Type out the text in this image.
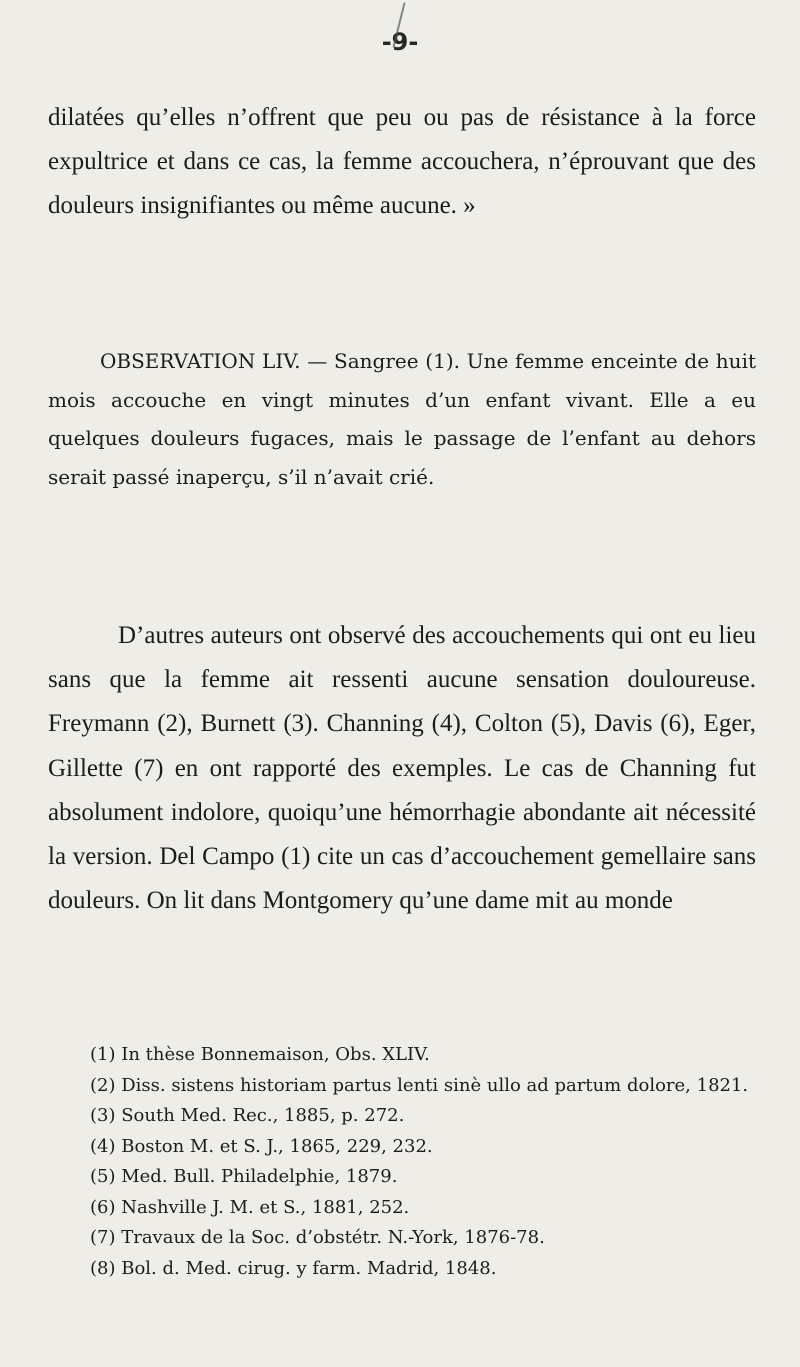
-9-

dilatées qu’elles n’offrent que peu ou pas de résistance à la force expultrice et dans ce cas, la femme accouchera, n’éprouvant que des douleurs insignifiantes ou même aucune. »

OBSERVATION LIV. — Sangree (1). Une femme enceinte de huit mois accouche en vingt minutes d’un enfant vivant. Elle a eu quelques douleurs fugaces, mais le passage de l’enfant au dehors serait passé inaperçu, s’il n’avait crié.

D’autres auteurs ont observé des accouchements qui ont eu lieu sans que la femme ait ressenti aucune sensation douloureuse. Freymann (2), Burnett (3). Channing (4), Colton (5), Davis (6), Eger, Gillette (7) en ont rapporté des exemples. Le cas de Channing fut absolument indolore, quoiqu’une hémorrhagie abondante ait nécessité la version. Del Campo (1) cite un cas d’accouchement gemellaire sans douleurs. On lit dans Montgomery qu’une dame mit au monde

(1) In thèse Bonnemaison, Obs. XLIV.
(2) Diss. sistens historiam partus lenti sinè ullo ad partum dolore, 1821.
(3) South Med. Rec., 1885, p. 272.
(4) Boston M. et S. J., 1865, 229, 232.
(5) Med. Bull. Philadelphie, 1879.
(6) Nashville J. M. et S., 1881, 252.
(7) Travaux de la Soc. d’obstétr. N.-York, 1876-78.
(8) Bol. d. Med. cirug. y farm. Madrid, 1848.
